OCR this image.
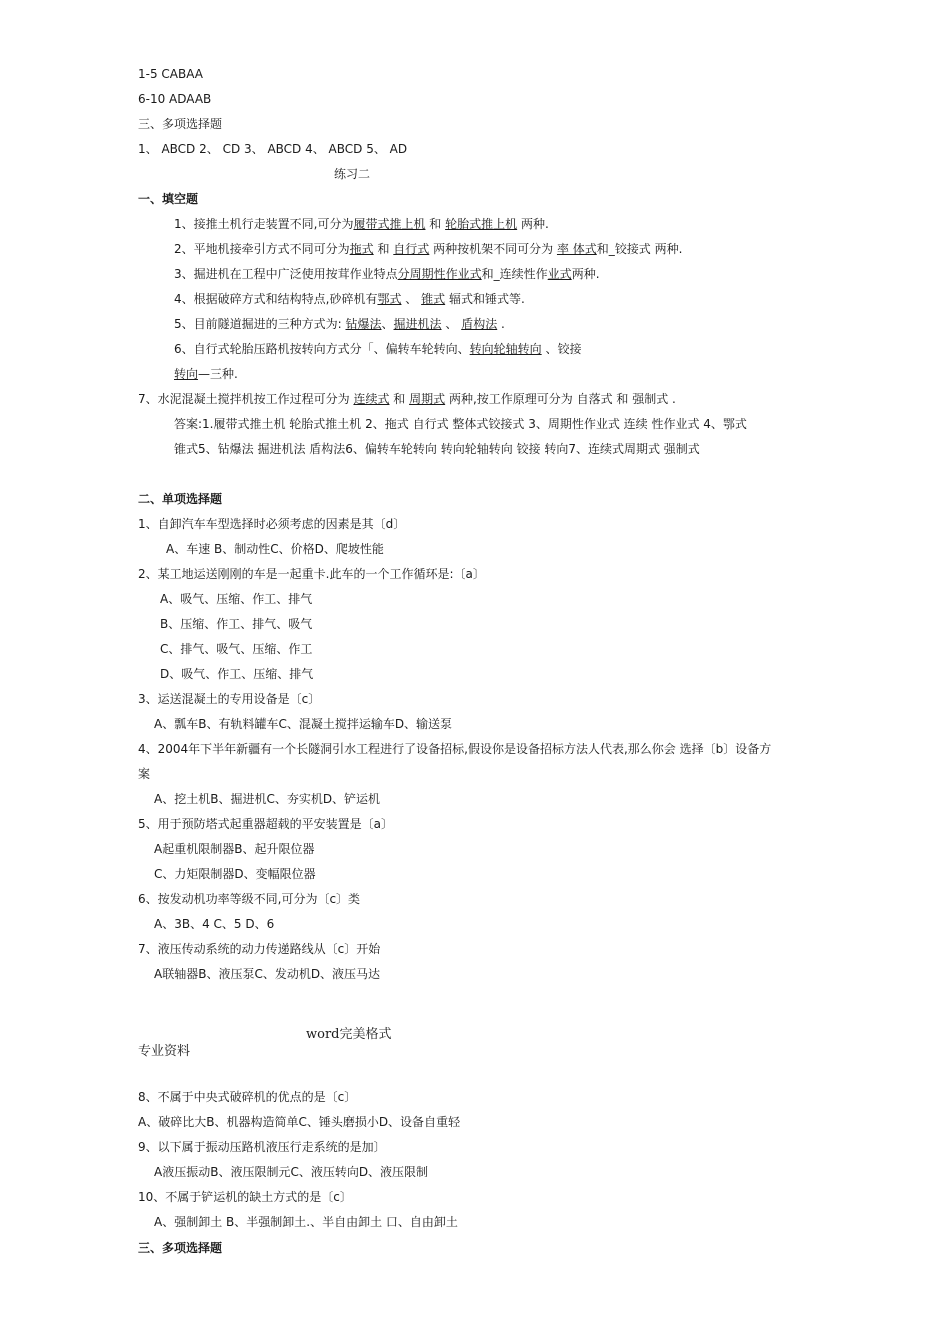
1-5 CABAA
6-10 ADAAB
三、多项选择题
1、 ABCD 2、 CD 3、 ABCD 4、 ABCD 5、 AD
练习二
一、填空题
1、接推土机行走装置不同,可分为履带式推上机 和 轮胎式推上机 两种.
2、平地机接牵引方式不同可分为拖式 和 自行式 两种按机架不同可分为 率 体式和_铰接式 两种.
3、掘进机在工程中广泛使用按茸作业特点分周期性作业式和_连续性作业式两种.
4、根据破碎方式和结构特点,砂碎机有鄂式 、 锥式 辐式和锤式等.
5、目前隧道掘进的三种方式为: 钻爆法、掘进机法 、 盾构法 .
6、自行式轮胎压路机按转向方式分「、偏转车轮转向、转向轮轴转向 、铰接
转向—三种.
7、水泥混凝土搅拌机按工作过程可分为 连续式 和 周期式 两种,按工作原理可分为 自落式 和 强制式 .
答案:1.履带式推土机 轮胎式推土机 2、拖式 自行式 整体式铰接式 3、周期性作业式 连续 性作业式 4、鄂式
锥式5、钻爆法 掘进机法 盾构法6、偏转车轮转向 转向轮轴转向 铰接 转向7、连续式周期式 强制式
二、单项选择题
1、自卸汽车车型选择时必须考虑的因素是其〔d〕
A、车速 B、制动性C、价格D、爬坡性能
2、某工地运送刚刚的车是一起重卡.此车的一个工作循环是:〔a〕
A、吸气、压缩、作工、排气
B、压缩、作工、排气、吸气
C、排气、吸气、压缩、作工
D、吸气、作工、压缩、排气
3、运送混凝土的专用设备是〔c〕
A、瓢车B、有轨料罐车C、混凝土搅拌运输车D、输送泵
4、2004年下半年新疆有一个长隧洞引水工程进行了设备招标,假设你是设备招标方法人代表,那么你会 选择〔b〕设备方
案
A、挖土机B、掘进机C、夯实机D、铲运机
5、用于预防塔式起重器超载的平安装置是〔a〕
A起重机限制器B、起升限位器
C、力矩限制器D、变幅限位器
6、按发动机功率等级不同,可分为〔c〕类
A、3B、4 C、5 D、6
7、液压传动系统的动力传递路线从〔c〕开始
A联轴器B、液压泵C、发动机D、液压马达
word完美格式
专业资料
8、不属于中央式破碎机的优点的是〔c〕
A、破碎比大B、机器构造简单C、锤头磨损小D、设备自重轻
9、以下属于振动压路机液压行走系统的是加〕
A液压振动B、液压限制元C、液压转向D、液压限制
10、不属于铲运机的缺土方式的是〔c〕
A、强制卸土 B、半强制卸土.、半自由卸土 口、自由卸土
三、多项选择题
